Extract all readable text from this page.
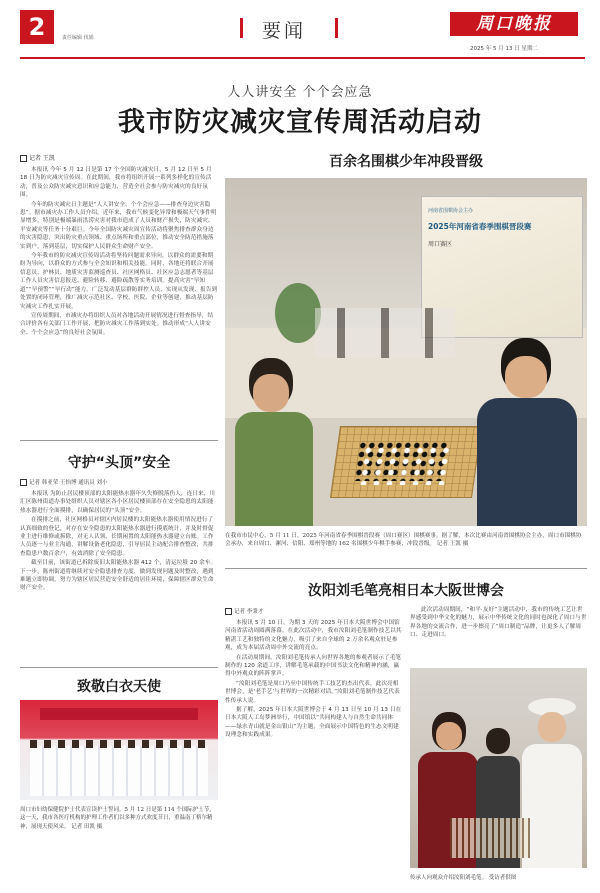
2	责任编辑 伐娟	要闻	周口晚报
2025 年 5 月 13 日 星期二
人人讲安全 个个会应急
我市防灾减灾宣传周活动启动
记者 王凯

本报讯 今年 5 月 12 日是第 17 个全国防灾减灾日，5 月 12 日至 5 月 18 日为防灾减灾宣传周。在此期间，我市将组织开展一系列多样化的宣传活动，普及公众防灾减灾意识和应急能力，营造全社会参与防灾减灾的良好氛围。

今年的防灾减灾日主题是“人人讲安全、个个会应急——排查身边灾害隐患”。据市减灾办工作人员介绍，近年来，我市气候变化异常和极端天气事件明显增多，特别是极端暴雨洪涝灾害对我市造成了人员和财产损失，防灾减灾、平安减灾等任务十分艰巨。今年全国防灾减灾周宣传活动将聚焦排查群众身边的灾害隐患，突出防灾重点领域、重点场所和重点部位，推动安全防范措施落实到户，落到基层，切实保护人民群众生命财产安全。

今年我市的防灾减灾宣传周活动将坚持问题需求导向，以群众的需要和期盼为导向，以群众的方式参与全会知识和相关技能。同时，各地还将联合开展信息员、护林员、地质灾害监测巡查员、社区网格员、社区应急志愿者等基层工作人员灾害信息报送、避险转移、避险疏散等实务培训。提高灾害“早知道”“早预警”“早行动”能力。广泛发动基层群防群控人员，实现从发现、报告到处置的闭环管理，推广减灾示范社区、学校、医院、企业等创建，推动基层防灾减灾工作扎实开展。

宣传周期间，市减灾办将组织人员对各地活动开展情况进行督查指导，结合评价各有关部门工作开展，把防灾减灾工作落到实处。推动形成“人人讲安全、个个会应急”的良好社会氛围。

守护“头顶”安全
记者 韩亚荣 王怡博 通讯员 刘小

本报讯 为防止居民楼顶部的太阳能热水器年久失修脱落伤人，连日来，川汇区陈州街道办事处组织人员对辖区各小区居民楼顶部存在安全隐患的太阳能热水器进行全面摸排，以确保居民的“头顶”安全。

在摸排之前，社区网格员对辖区内居民楼的太阳能热水器使用情况进行了认真细致的登记，对存在安全隐患的太阳能热水器进行摸底统计，并及时督促业主进行维修或拆除，对无人认领、长期闲置的太阳能热水器建立台账。工作人员逐一与业主沟通，讲解设备老化隐患，引导居民主动配合排查整改，共排查隐患户数百余户，有效消除了安全隐患。

截至目前，该街道已拆除废旧太阳能热水器 412 个，清运垃圾 20 余车。下一步，陈州街道将继续对安全隐患排查力度，做到发现问题及时整改，遇到难题立即协调，努力为辖区居民营造安全舒适的居住环境，保障辖区群众生命财产安全。

致敬白衣天使
周口市妇幼保健院护士代表宣读护士誓词。5 月 12 日是第 114 个国际护士节，这一天，我市各医疗机构的护理工作者们以多种方式欢度节日，重温南丁格尔精神，展现天使风采。 记者 田凯 摄
百余名围棋少年冲段晋级
河南省围棋协会主办
2025年河南省春季围棋晋段赛
周口赛区
在我市市民中心，5 月 11 日，2025 年河南省春季围棋晋段赛（周口赛区）围棋赛事。据了解，本次比赛由河南省围棋协会主办，周口市围棋协会承办，来自周口、漯河、信阳、郑州等地的 162 名围棋少年棋手参赛，冲段晋级。 记者 王凯 摄
汝阳刘毛笔亮相日本大阪世博会
记者 李秉才

本报讯 5 月 10 日，为期 3 天的 2025 年日本大阪世博会中国馆河南省活动周圆满落幕。在此次活动中，我市汝阳刘毛笔制作技艺以其精湛工艺和独特的文化魅力，吸引了来自全球的 2 万余名观众驻足参观，成为本届活动周中外交流的亮点。

在活动周期间，汝阳刘毛笔传承人向世界各地的参观者展示了毛笔制作的 120 余道工序，讲解毛笔承载的中国书法文化和精神内涵，赢得中外观众的阵阵掌声。

“汝阳刘毛笔是周口乃至中国传统手工技艺的杰出代表，此次亮相世博会，是‘老手艺’与世界的一次精彩对话。”汝阳刘毛笔制作技艺代表性传承人说。

据了解，2025 年日本大阪世博会于 4 月 13 日至 10 月 13 日在日本大阪人工岛梦洲举行，中国馆以“共同构建人与自然生命共同体——绿水青山就是金山银山”为主题，全面展示中国特色的生态文明建设理念和实践成果。

此次活动周期间，“和平·友好”主题活动中，我市的传统工艺让世界感受到中华文化的魅力，展示中华传统文化的同时也深化了周口与世界各地的交流合作，进一步擦亮了“周口制造”品牌，让更多人了解周口、走进周口。

传承人向观众介绍汝阳刘毛笔。 受访者供图
